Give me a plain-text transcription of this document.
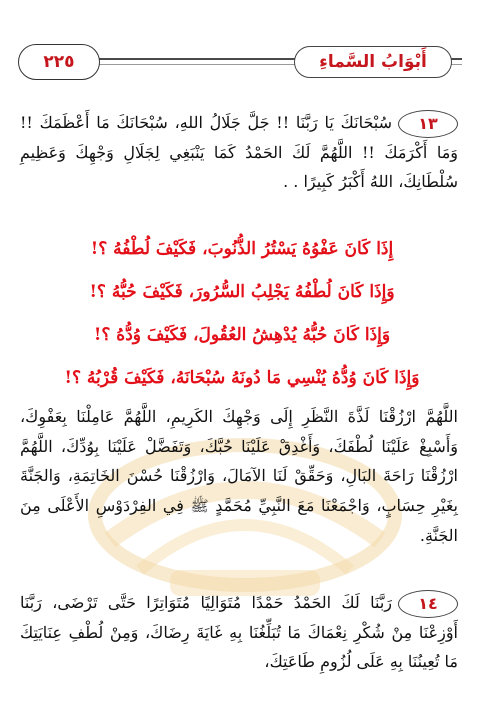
أَبْوَابُ السَّماءِ
٢٢٥

١٣سُبْحَانَكَ يَا رَبَّنَا !! جَلَّ جَلَالُ اللهِ، سُبْحَانَكَ مَا أَعْظَمَكَ !! وَمَا أَكْرَمَكَ !! اللَّهُمَّ لَكَ الحَمْدُ كَمَا يَنْبَغِي لِجَلَالِ وَجْهِكَ وَعَظِيمِ سُلْطَانِكَ، اللهُ أَكْبَرُ كَبِيرًا . .

إِذَا كَانَ عَفْوُهُ يَسْتُرُ الذُّنُوبَ، فَكَيْفَ لُطْفُهُ ؟!
وَإِذَا كَانَ لُطْفُهُ يَجْلِبُ السُّرُورَ، فَكَيْفَ حُبُّهُ ؟!
وَإِذَا كَانَ حُبُّهُ يُدْهِشُ العُقُولَ، فَكَيْفَ وُدُّهُ ؟!
وَإِذَا كَانَ وُدُّهُ يُنْسِي مَا دُونَهُ سُبْحَانَهُ، فَكَيْفَ قُرْبُهُ ؟!

اللَّهُمَّ ارْزُقْنَا لَذَّةَ النَّظَرِ إِلَى وَجْهِكَ الكَرِيمِ، اللَّهُمَّ عَامِلْنَا بِعَفْوِكَ، وَأَسْبِغْ عَلَيْنَا لُطْفَكَ، وَأَغْدِقْ عَلَيْنَا حُبَّكَ، وَتَفَضَّلْ عَلَيْنَا بِوُدِّكَ، اللَّهُمَّ ارْزُقْنَا رَاحَةَ البَالِ، وَحَقِّقْ لَنَا الآمَالَ، وَارْزُقْنَا حُسْنَ الخَاتِمَةِ، وَالجَنَّةَ بِغَيْرِ حِسَابٍ، وَاجْمَعْنَا مَعَ النَّبِيِّ مُحَمَّدٍ ﷺ فِي الفِرْدَوْسِ الأَعْلَى مِنَ الجَنَّةِ.

١٤رَبَّنَا لَكَ الحَمْدُ حَمْدًا مُتَوَالِيًا مُتَوَاتِرًا حَتَّى تَرْضَى، رَبَّنَا أَوْزِعْنَا مِنْ شُكْرِ نِعْمَاكَ مَا تُبَلِّغُنَا بِهِ غَايَةَ رِضَاكَ، وَمِنْ لُطْفِ عِنَايَتِكَ مَا تُعِينُنَا بِهِ عَلَى لُزُومِ طَاعَتِكَ،
